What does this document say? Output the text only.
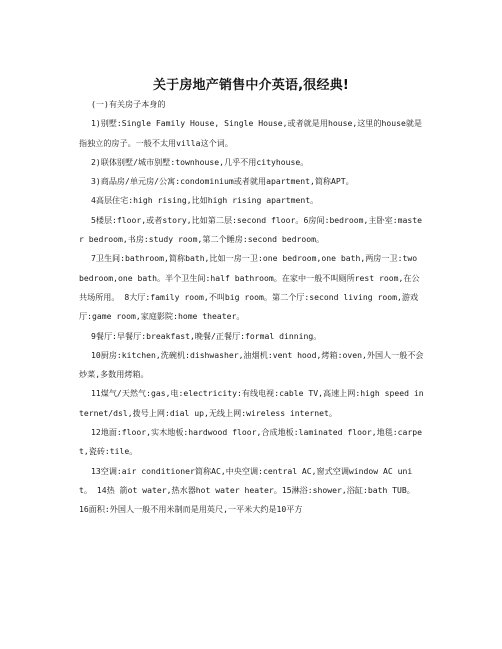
关于房地产销售中介英语,很经典!
(一)有关房子本身的
1)别墅:Single Family House, Single House,或者就是用house,这里的house就是指独立的房子。一般不太用villa这个词。
2)联体别墅/城市别墅:townhouse,几乎不用cityhouse。
3)商品房/单元房/公寓:condominium或者就用apartment,简称APT。
4高层住宅:high rising,比如high rising apartment。
5楼层:floor,或者story,比如第二层:second floor。6房间:bedroom,主卧室:master bedroom,书房:study room,第二个睡房:second bedroom。
7卫生间:bathroom,简称bath,比如一房一卫:one bedroom,one bath,两房一卫:two bedroom,one bath。半个卫生间:half bathroom。在家中一般不叫厕所rest room,在公共场所用。 8大厅:family room,不叫big room。第二个厅:second living room,游戏厅:game room,家庭影院:home theater。
9餐厅:早餐厅:breakfast,晚餐/正餐厅:formal dinning。
10厨房:kitchen,洗碗机:dishwasher,油烟机:vent hood,烤箱:oven,外国人一般不会炒菜,多数用烤箱。
11煤气/天然气:gas,电:electricity:有线电视:cable TV,高速上网:high speed internet/dsl,拨号上网:dial up,无线上网:wireless internet。
12地面:floor,实木地板:hardwood floor,合成地板:laminated floor,地毯:carpet,瓷砖:tile。
13空调:air conditioner简称AC,中央空调:central AC,窗式空调window AC unit。 14热 箭ot water,热水器hot water heater。15淋浴:shower,浴缸:bath TUB。 16面积:外国人一般不用米制而是用英尺,一平米大约是10平方
